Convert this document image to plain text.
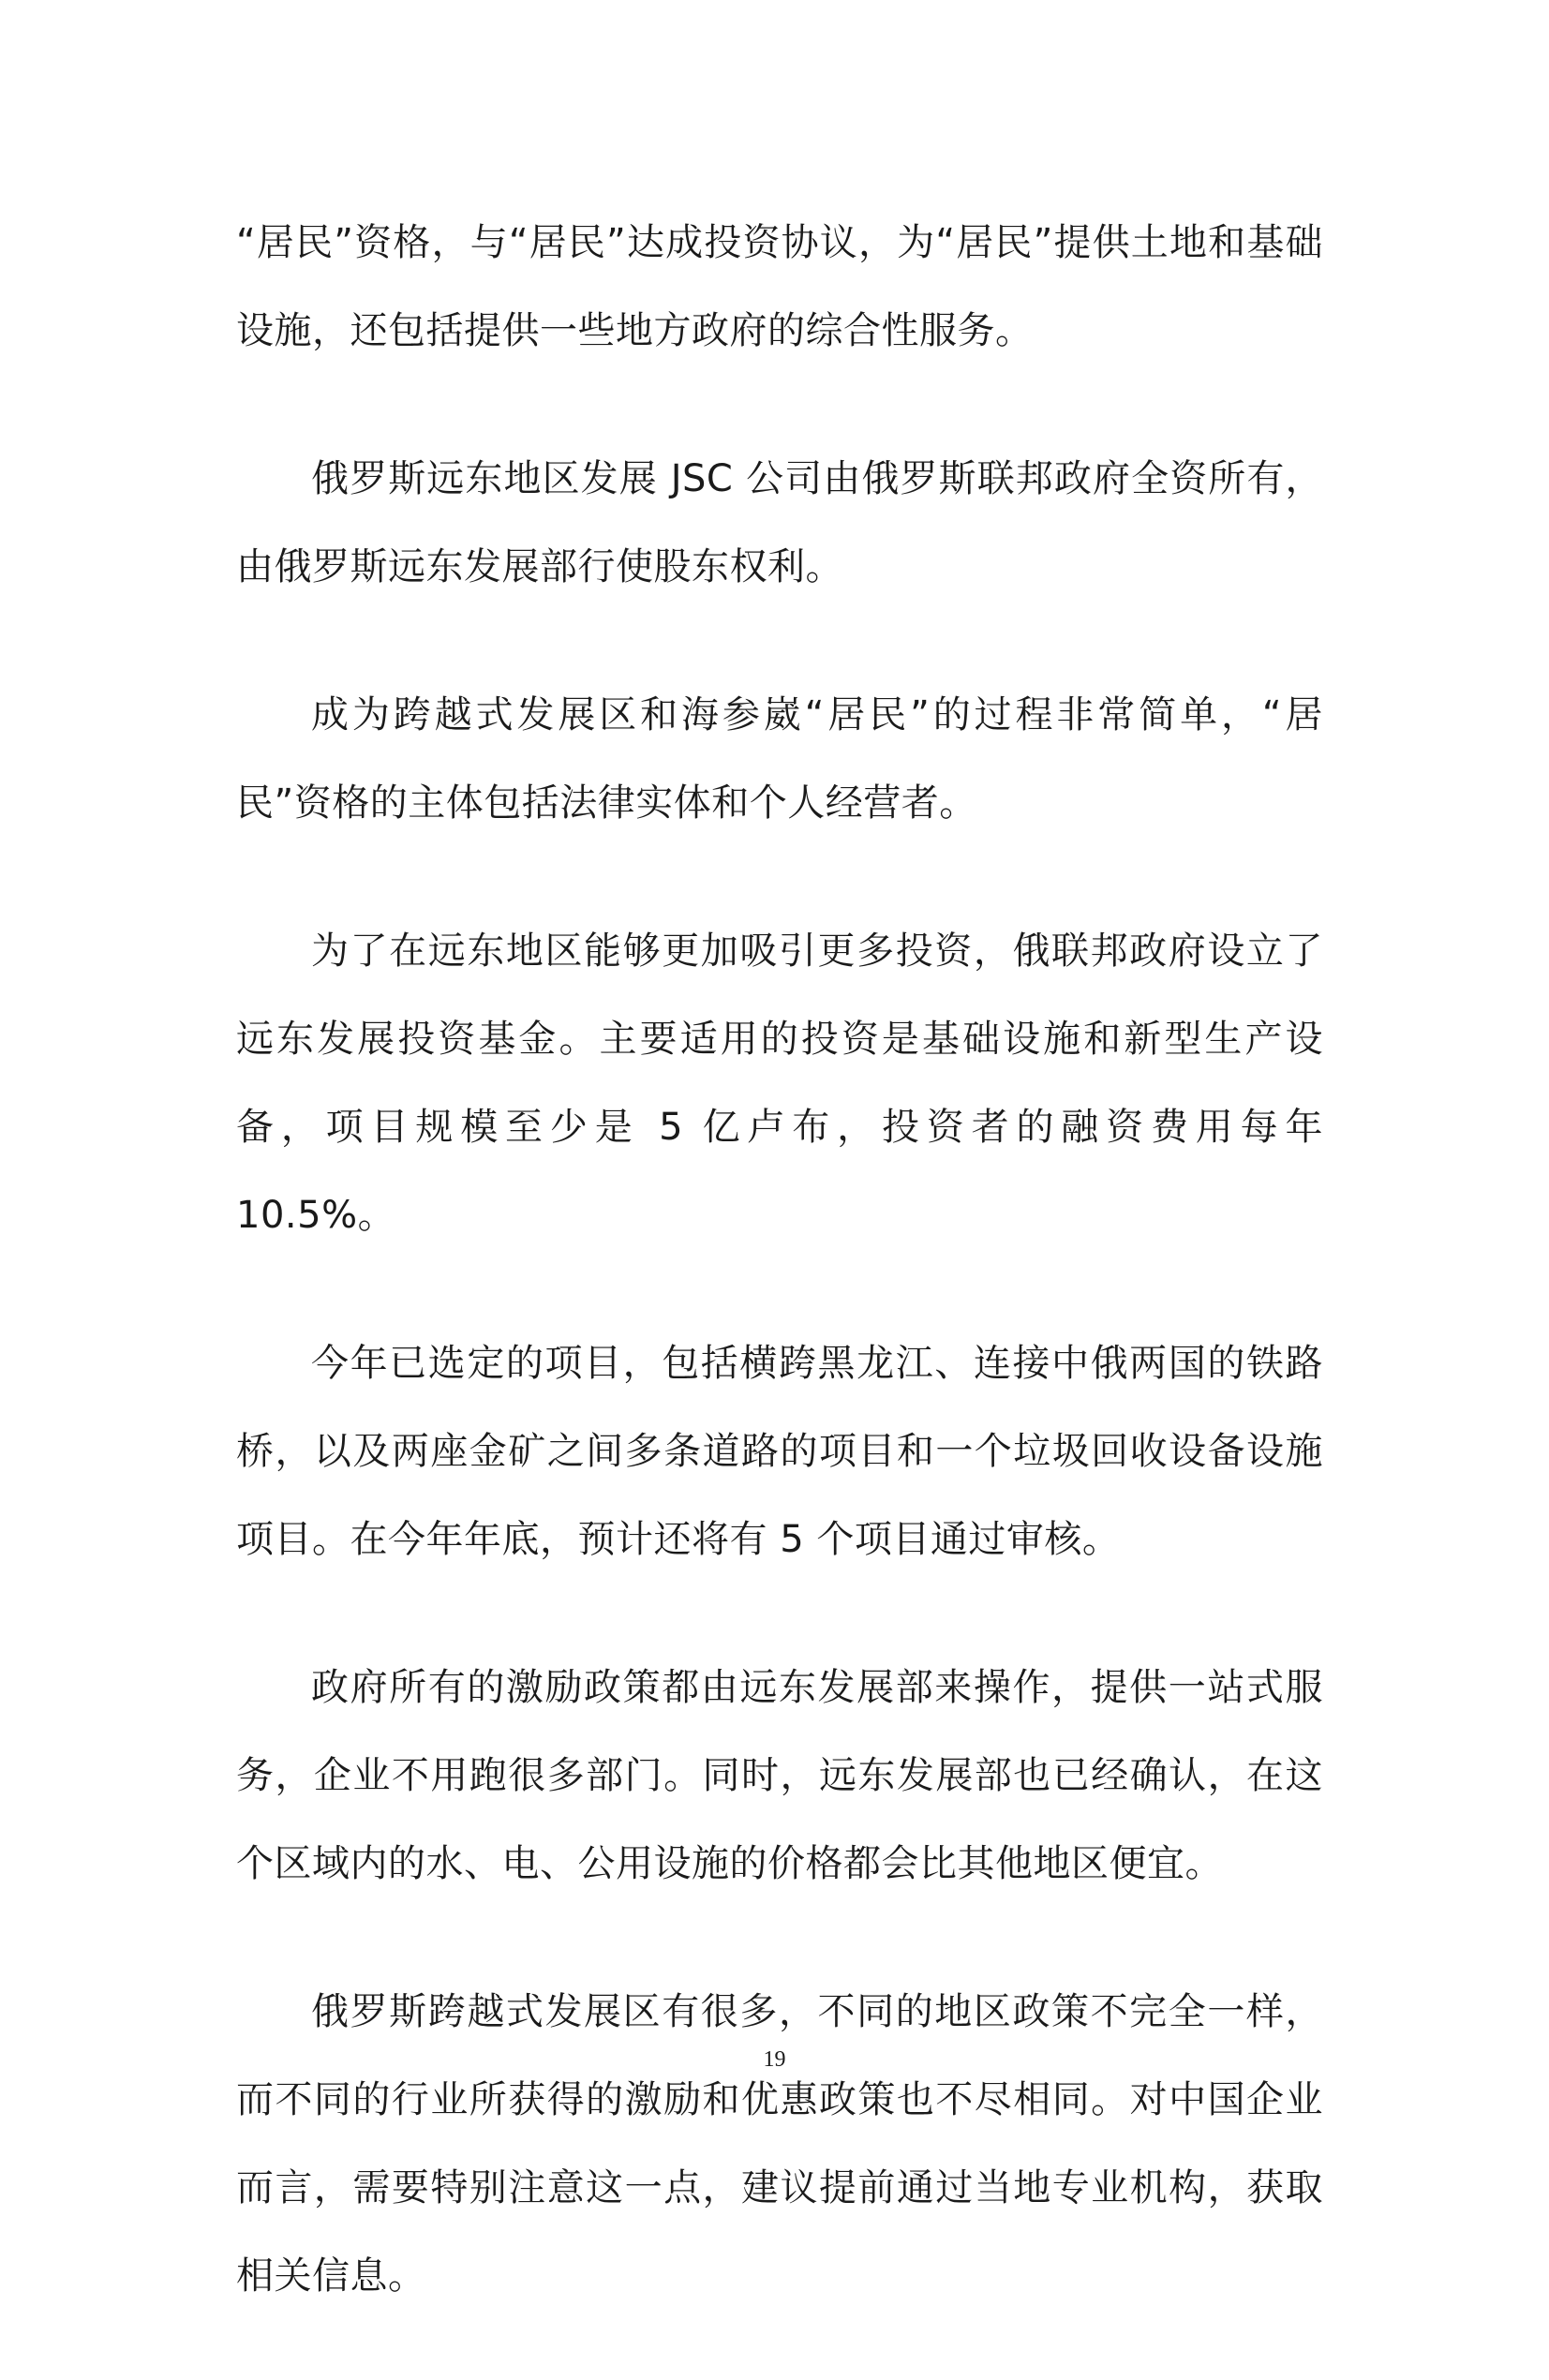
“居民”资格，与“居民”达成投资协议，为“居民”提供土地和基础设施，还包括提供一些地方政府的综合性服务。

俄罗斯远东地区发展 JSC 公司由俄罗斯联邦政府全资所有，由俄罗斯远东发展部行使股东权利。

成为跨越式发展区和海参崴“居民”的过程非常简单，“居民”资格的主体包括法律实体和个人经营者。

为了在远东地区能够更加吸引更多投资，俄联邦政府设立了远东发展投资基金。主要适用的投资是基础设施和新型生产设备，项目规模至少是 5 亿卢布，投资者的融资费用每年 10.5%。

今年已选定的项目，包括横跨黑龙江、连接中俄两国的铁路桥，以及两座金矿之间多条道路的项目和一个垃圾回收设备设施项目。在今年年底，预计还将有 5 个项目通过审核。

政府所有的激励政策都由远东发展部来操作，提供一站式服务，企业不用跑很多部门。同时，远东发展部也已经确认，在这个区域内的水、电、公用设施的价格都会比其他地区便宜。

俄罗斯跨越式发展区有很多，不同的地区政策不完全一样，而不同的行业所获得的激励和优惠政策也不尽相同。对中国企业而言，需要特别注意这一点，建议提前通过当地专业机构，获取相关信息。

19
